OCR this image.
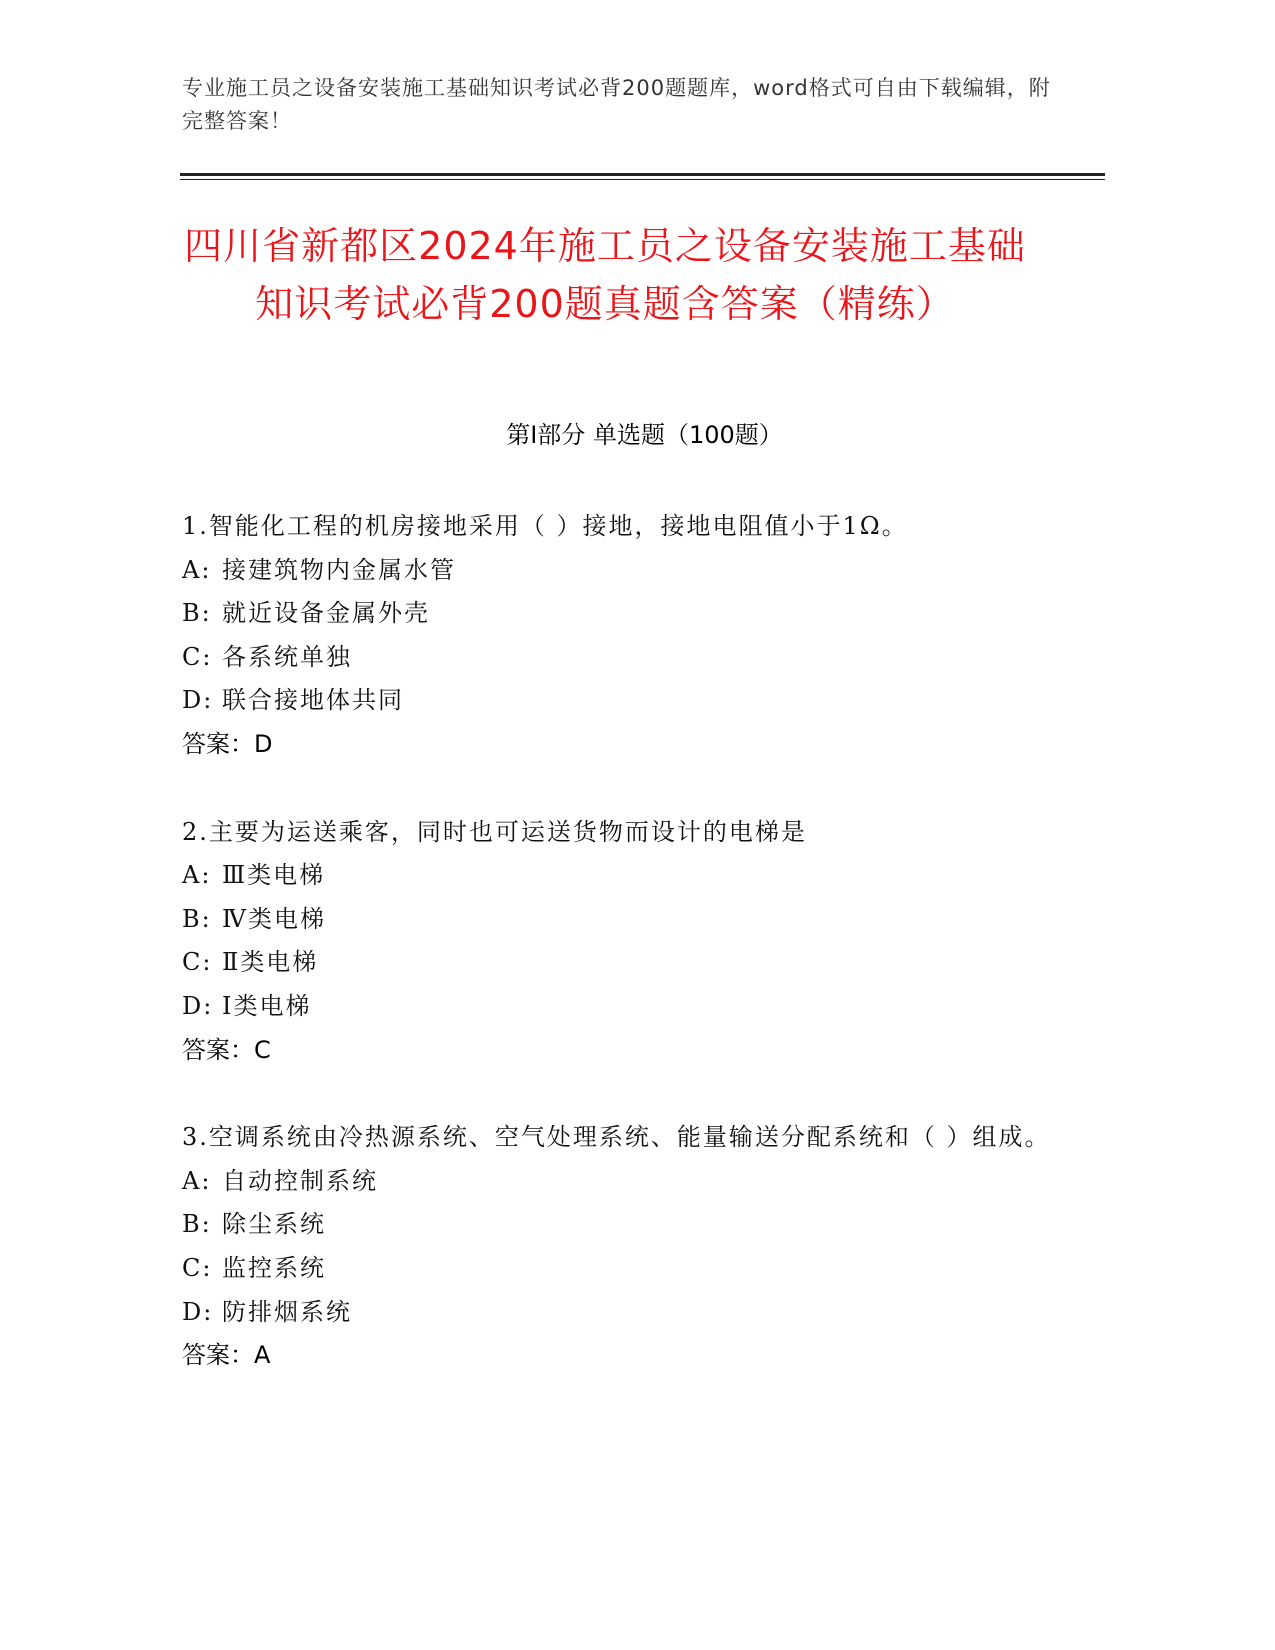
专业施工员之设备安装施工基础知识考试必背200题题库，word格式可自由下载编辑，附完整答案！
四川省新都区2024年施工员之设备安装施工基础知识考试必背200题真题含答案（精练）
第I部分 单选题（100题）
1.智能化工程的机房接地采用（ ）接地，接地电阻值小于1Ω。
A: 接建筑物内金属水管
B: 就近设备金属外壳
C: 各系统单独
D: 联合接地体共同
答案：D
2.主要为运送乘客，同时也可运送货物而设计的电梯是
A: Ⅲ类电梯
B: Ⅳ类电梯
C: Ⅱ类电梯
D: Ⅰ类电梯
答案：C
3.空调系统由冷热源系统、空气处理系统、能量输送分配系统和（ ）组成。
A: 自动控制系统
B: 除尘系统
C: 监控系统
D: 防排烟系统
答案：A
